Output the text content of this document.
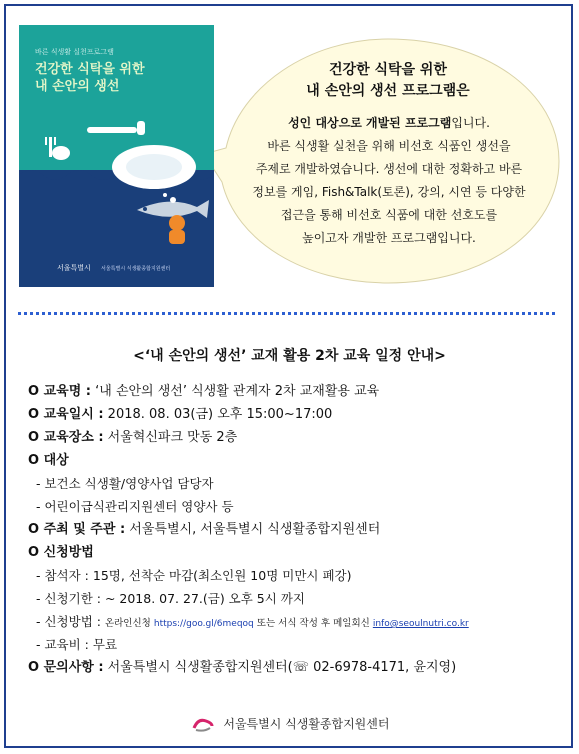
바른 식생활 실천프로그램
건강한 식탁을 위한
내 손안의 생선
서울특별시 서울특별시 식생활종합지원센터
건강한 식탁을 위한
내 손안의 생선 프로그램은
성인 대상으로 개발된 프로그램입니다.
바른 식생활 실천을 위해 비선호 식품인 생선을
주제로 개발하였습니다. 생선에 대한 정확하고 바른
정보를 게임, Fish&Talk(토론), 강의, 시연 등 다양한
접근을 통해 비선호 식품에 대한 선호도를
높이고자 개발한 프로그램입니다.
<‘내 손안의 생선’ 교재 활용 2차 교육 일정 안내>
O 교육명 : ‘내 손안의 생선’ 식생활 관계자 2차 교재활용 교육
O 교육일시 : 2018. 08. 03(금) 오후 15:00~17:00
O 교육장소 : 서울혁신파크 맛동 2층
O 대상
- 보건소 식생활/영양사업 담당자
- 어린이급식관리지원센터 영양사 등
O 주최 및 주관 : 서울특별시, 서울특별시 식생활종합지원센터
O 신청방법
- 참석자 : 15명, 선착순 마감(최소인원 10명 미만시 폐강)
- 신청기한 : ~ 2018. 07. 27.(금) 오후 5시 까지
- 신청방법 : 온라인신청 https://goo.gl/6meqoq 또는 서식 작성 후 메일회신 info@seoulnutri.co.kr
- 교육비 : 무료
O 문의사항 : 서울특별시 식생활종합지원센터(☏ 02-6978-4171, 윤지영)
서울특별시 식생활종합지원센터
